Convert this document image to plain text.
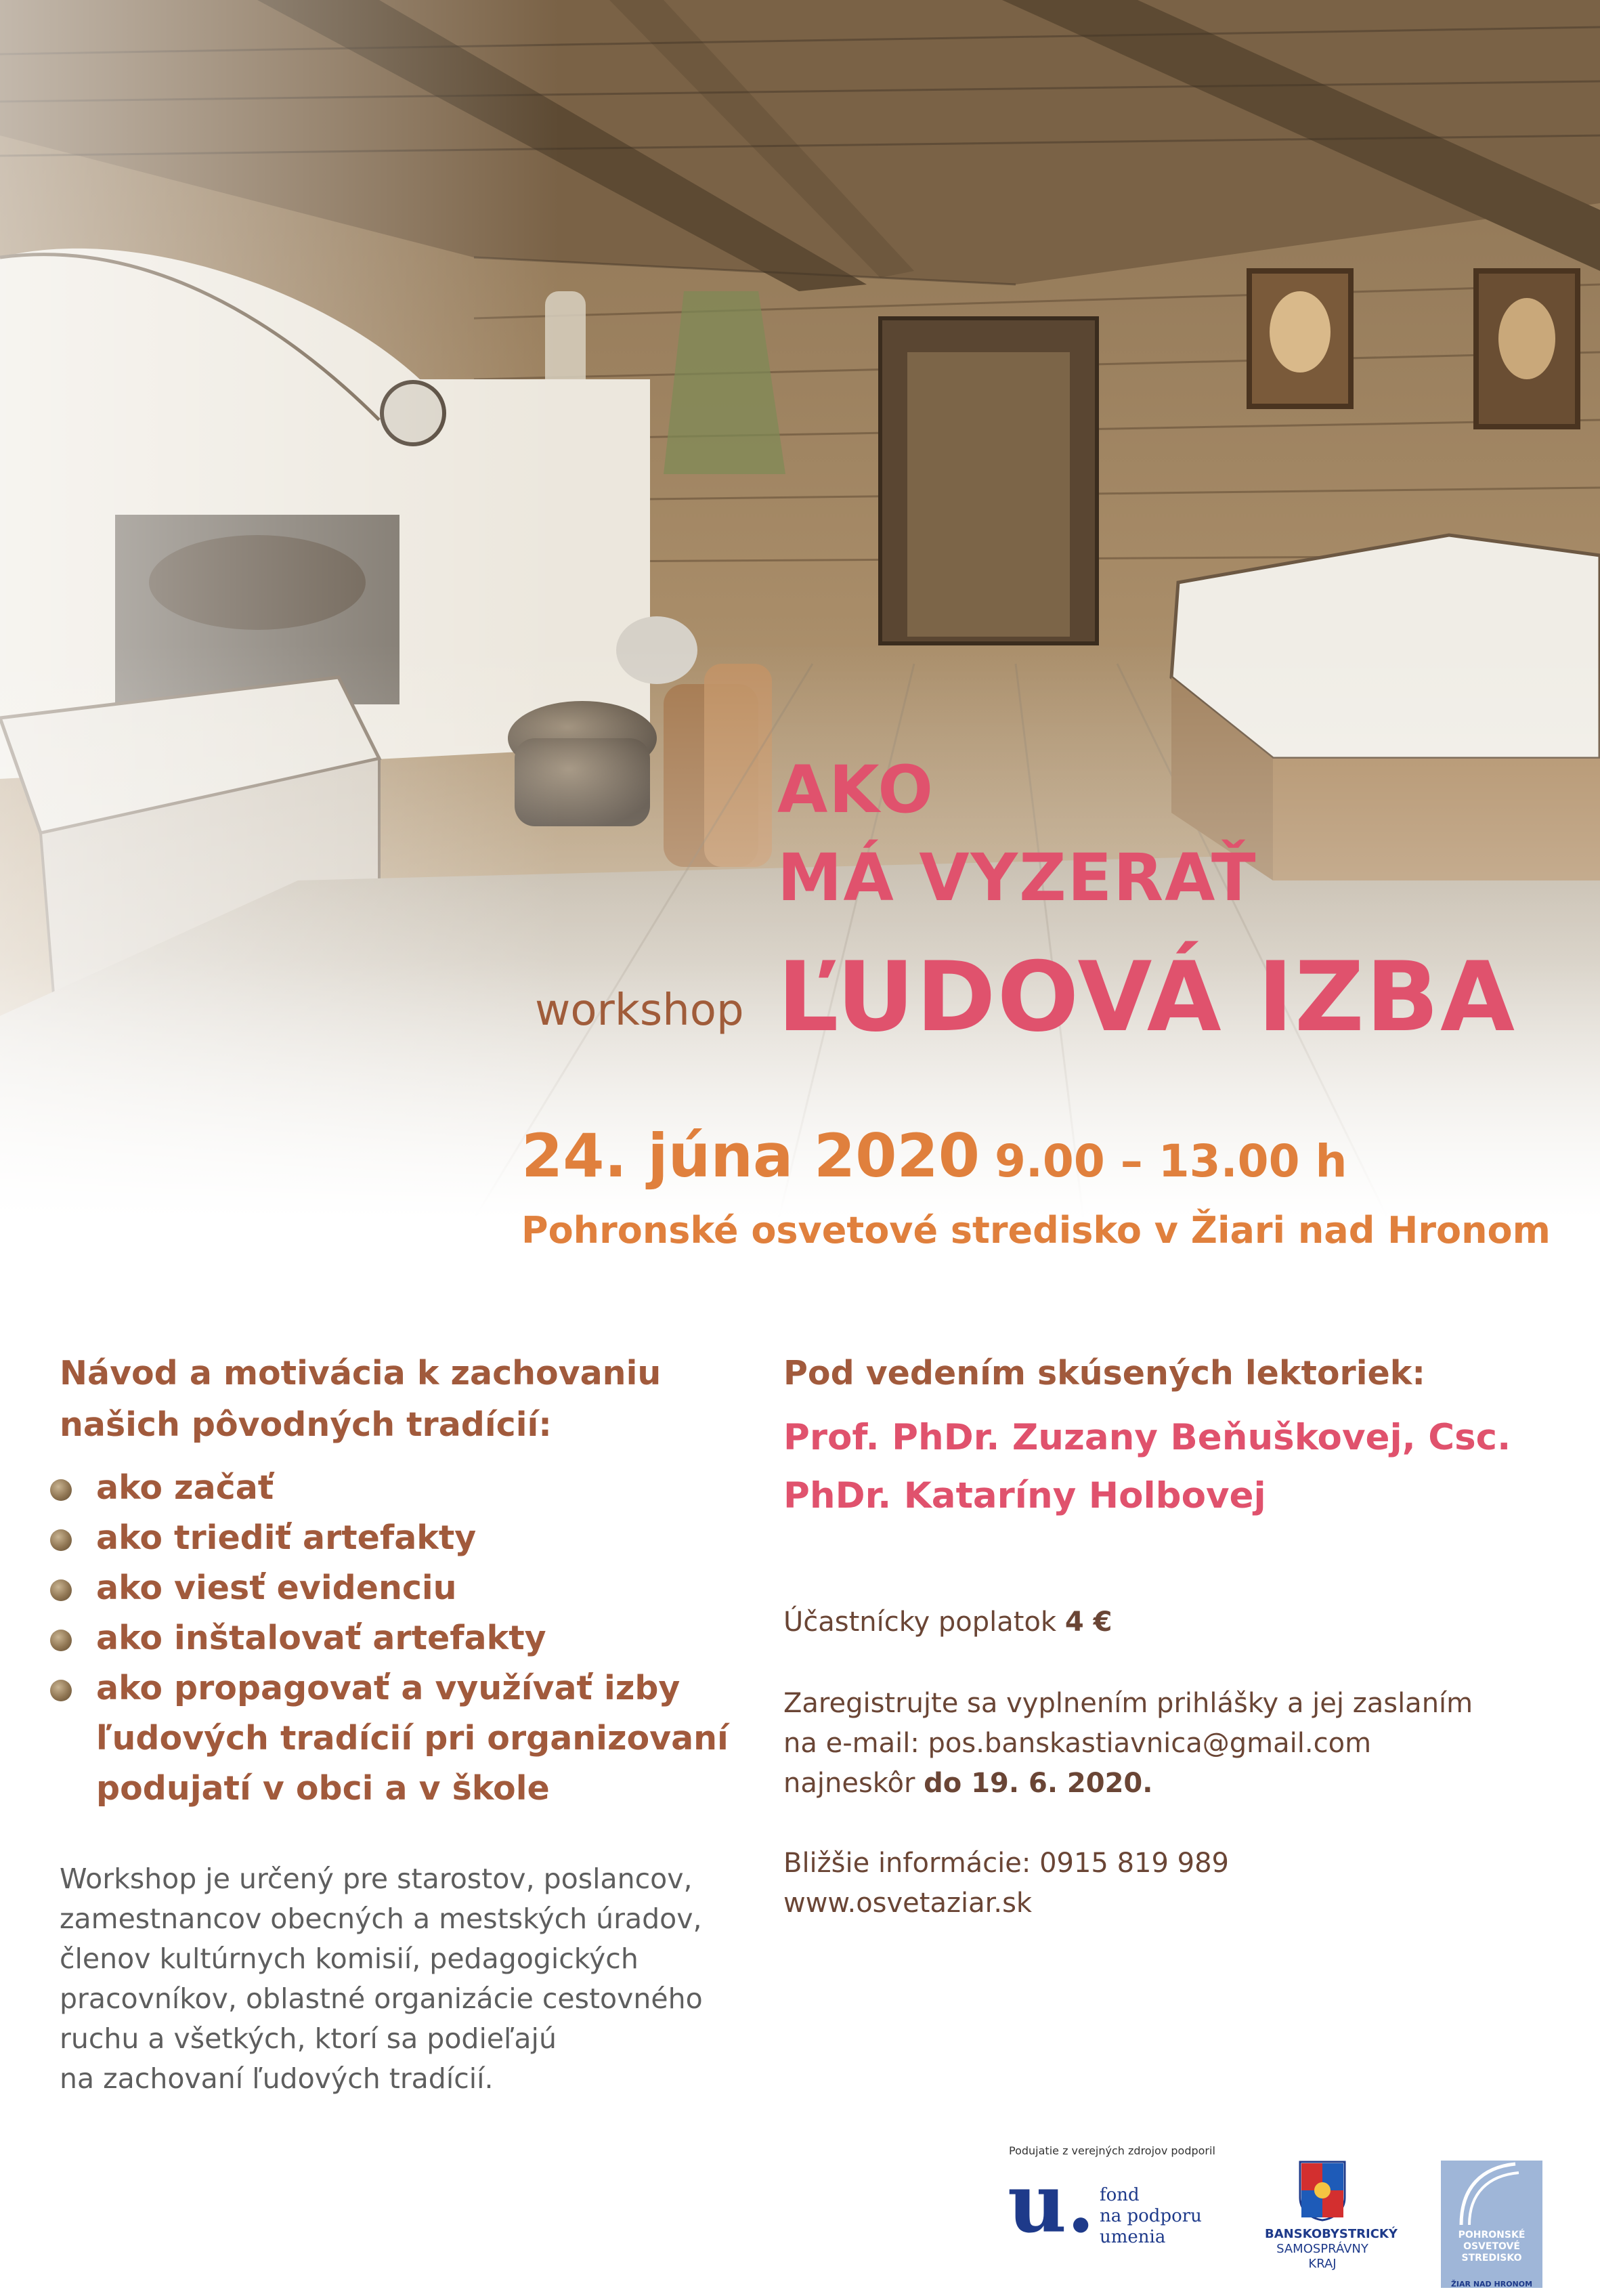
AKO
MÁ VYZERAŤ
ĽUDOVÁ IZBA
workshop
24. júna 2020 9.00 – 13.00 h
Pohronské osvetové stredisko v Žiari nad Hronom

Návod a motivácia k zachovaniu
našich pôvodných tradícií:

ako začať
ako triediť artefakty
ako viesť evidenciu
ako inštalovať artefakty
ako propagovať a využívať izby
ľudových tradícií pri organizovaní
podujatí v obci a v škole
Workshop je určený pre starostov, poslancov,
zamestnancov obecných a mestských úradov,
členov kultúrnych komisií, pedagogických
pracovníkov, oblastné organizácie cestovného
ruchu a všetkých, ktorí sa podieľajú
na zachovaní ľudových tradícií.

Pod vedením skúsených lektoriek:

Prof. PhDr. Zuzany Beňuškovej, Csc.
PhDr. Kataríny Holbovej
Účastnícky poplatok 4 €
Zaregistrujte sa vyplnením prihlášky a jej zaslaním
na e-mail: pos.banskastiavnica@gmail.com
najneskôr do 19. 6. 2020.
Bližšie informácie: 0915 819 989
www.osvetaziar.sk
Podujatie z verejných zdrojov podporil
u. fond
na podporu
umenia	BANSKOBYSTRICKÝ
SAMOSPRÁVNY KRAJ
POHRONSKÉ
OSVETOVÉ
STREDISKO
ŽIAR NAD HRONOM
